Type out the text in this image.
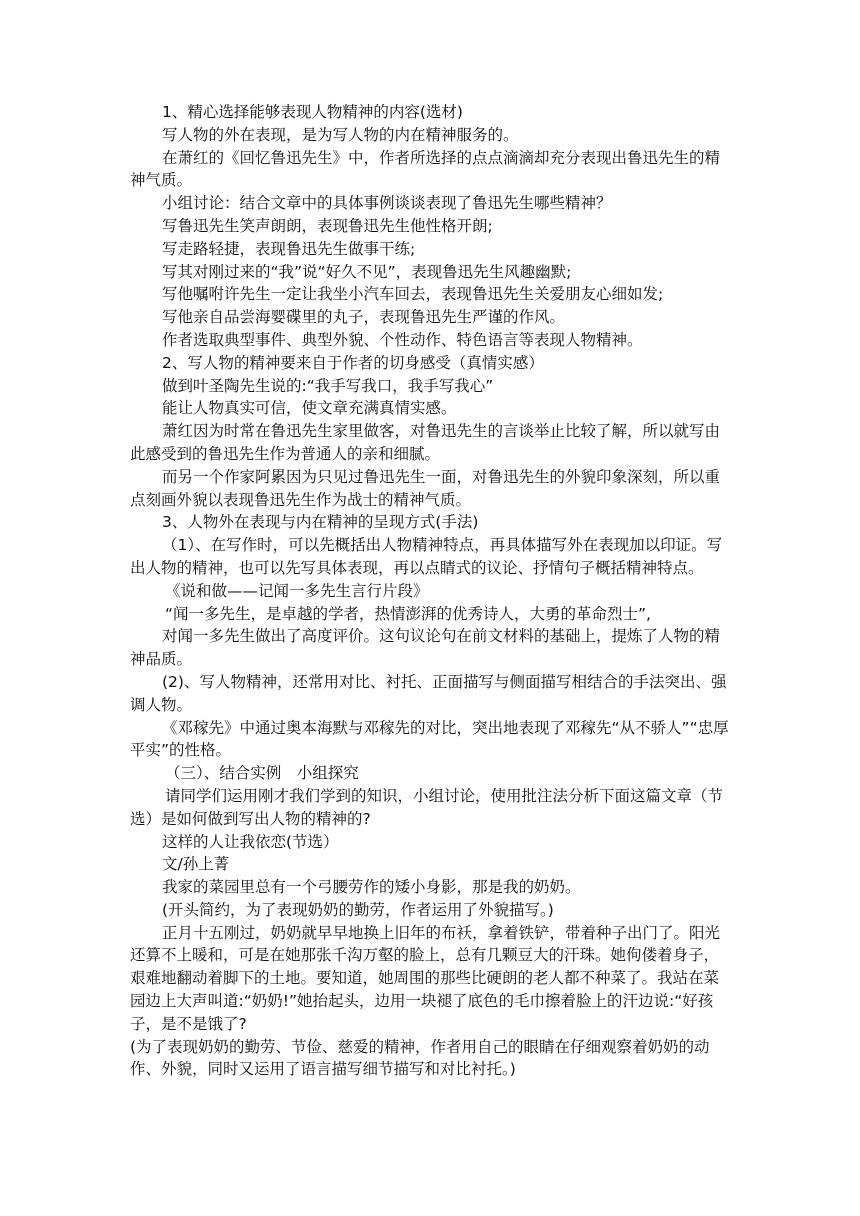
1、精心选择能够表现人物精神的内容(选材)

写人物的外在表现，是为写人物的内在精神服务的。

在萧红的《回忆鲁迅先生》中，作者所选择的点点滴滴却充分表现出鲁迅先生的精神气质。

小组讨论：结合文章中的具体事例谈谈表现了鲁迅先生哪些精神？

写鲁迅先生笑声朗朗，表现鲁迅先生他性格开朗;

写走路轻捷，表现鲁迅先生做事干练;

写其对刚过来的“我”说“好久不见”，表现鲁迅先生风趣幽默;

写他嘱咐许先生一定让我坐小汽车回去，表现鲁迅先生关爱朋友心细如发;

写他亲自品尝海婴碟里的丸子，表现鲁迅先生严谨的作风。

作者选取典型事件、典型外貌、个性动作、特色语言等表现人物精神。

2、写人物的精神要来自于作者的切身感受（真情实感）

做到叶圣陶先生说的:“我手写我口，我手写我心”

能让人物真实可信，使文章充满真情实感。

萧红因为时常在鲁迅先生家里做客，对鲁迅先生的言谈举止比较了解，所以就写由此感受到的鲁迅先生作为普通人的亲和细腻。

而另一个作家阿累因为只见过鲁迅先生一面，对鲁迅先生的外貌印象深刻，所以重点刻画外貌以表现鲁迅先生作为战士的精神气质。

3、人物外在表现与内在精神的呈现方式(手法)

（1）、在写作时，可以先概括出人物精神特点，再具体描写外在表现加以印证。写出人物的精神，也可以先写具体表现，再以点睛式的议论、抒情句子概括精神特点。

《说和做——记闻一多先生言行片段》

“闻一多先生，是卓越的学者，热情澎湃的优秀诗人，大勇的革命烈士”,

对闻一多先生做出了高度评价。这句议论句在前文材料的基础上，提炼了人物的精神品质。

(2)、写人物精神，还常用对比、衬托、正面描写与侧面描写相结合的手法突出、强调人物。

《邓稼先》中通过奥本海默与邓稼先的对比，突出地表现了邓稼先“从不骄人”“忠厚平实”的性格。

（三）、结合实例　小组探究

请同学们运用刚才我们学到的知识，小组讨论，使用批注法分析下面这篇文章（节选）是如何做到写出人物的精神的?

这样的人让我依恋(节选）

文/孙上菁

我家的菜园里总有一个弓腰劳作的矮小身影，那是我的奶奶。

(开头简约，为了表现奶奶的勤劳，作者运用了外貌描写。)

正月十五刚过，奶奶就早早地换上旧年的布袄，拿着铁铲，带着种子出门了。阳光还算不上暖和，可是在她那张千沟万壑的脸上，总有几颗豆大的汗珠。她佝偻着身子，艰难地翻动着脚下的土地。要知道，她周围的那些比硬朗的老人都不种菜了。我站在菜园边上大声叫道:“奶奶!”她抬起头，边用一块褪了底色的毛巾擦着脸上的汗边说:“好孩子，是不是饿了?

(为了表现奶奶的勤劳、节俭、慈爱的精神，作者用自己的眼睛在仔细观察着奶奶的动作、外貌，同时又运用了语言描写细节描写和对比衬托。)
